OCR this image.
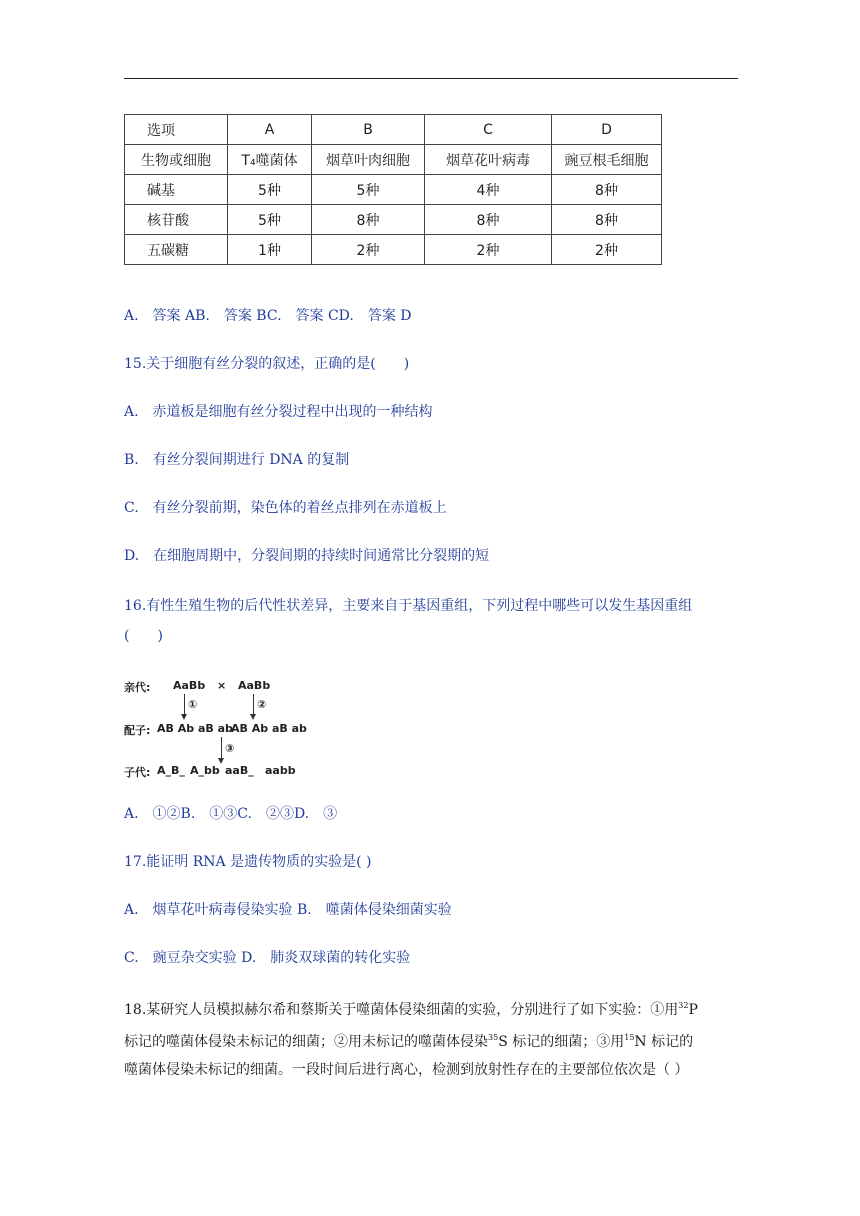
选项	A	B	C	D
生物或细胞	T₄噬菌体	烟草叶肉细胞	烟草花叶病毒	豌豆根毛细胞
碱基	5种	5种	4种	8种
核苷酸	5种	8种	8种	8种
五碳糖	1种	2种	2种	2种
A.　答案 AB.　答案 BC.　答案 CD.　答案 D
15.关于细胞有丝分裂的叙述，正确的是(　　)
A.　赤道板是细胞有丝分裂过程中出现的一种结构
B.　有丝分裂间期进行 DNA 的复制
C.　有丝分裂前期，染色体的着丝点排列在赤道板上
D.　在细胞周期中，分裂间期的持续时间通常比分裂期的短
16.有性生殖生物的后代性状差异，主要来自于基因重组，下列过程中哪些可以发生基因重组
(　　)
亲代: AaBb × AaBb
①	②
配子: AB Ab aB ab
AB Ab aB ab
③
子代: A_B_ A_bb aaB_ aabb
A.　①②B.　①③C.　②③D.　③
17.能证明 RNA 是遗传物质的实验是( )
A.　烟草花叶病毒侵染实验 B.　噬菌体侵染细菌实验
C.　豌豆杂交实验 D.　肺炎双球菌的转化实验
18.某研究人员模拟赫尔希和蔡斯关于噬菌体侵染细菌的实验，分别进行了如下实验：①用$^{32}$P
标记的噬菌体侵染未标记的细菌；②用未标记的噬菌体侵染$^{35}$S 标记的细菌；③用$^{15}$N 标记的
噬菌体侵染未标记的细菌。一段时间后进行离心，检测到放射性存在的主要部位依次是（ ）
